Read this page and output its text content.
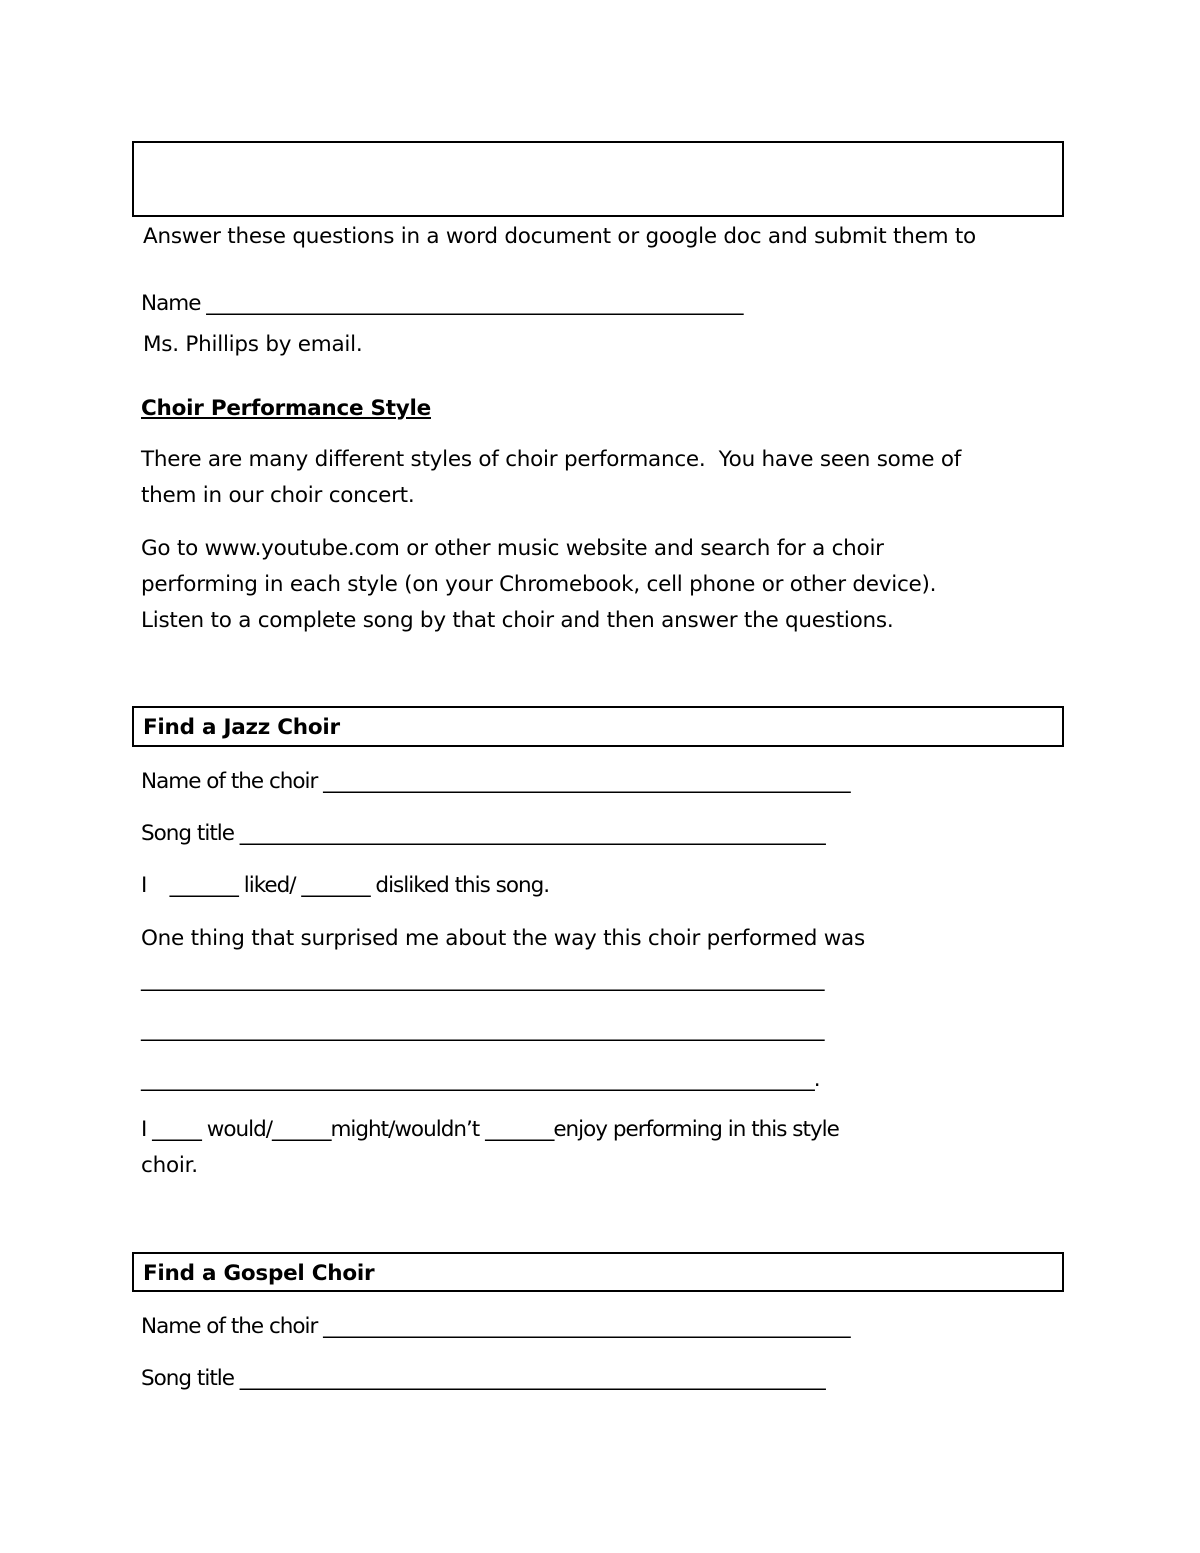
Answer these questions in a word document or google doc and submit them to

Ms. Phillips by email.

Name _______________________________________________________

Choir Performance Style

There are many different styles of choir performance.  You have seen some of

them in our choir concert.

Go to www.youtube.com or other music website and search for a choir

performing in each style (on your Chromebook, cell phone or other device).

Listen to a complete song by that choir and then answer the questions.

Find a Jazz Choir

Name of the choir ______________________________________________________

Song title ____________________________________________________________

I    _______ liked/ _______ disliked this song.

One thing that surprised me about the way this choir performed was

______________________________________________________________________

______________________________________________________________________

_____________________________________________________________________.

I _____ would/______might/wouldn’t _______enjoy performing in this style

choir.

Find a Gospel Choir

Name of the choir ______________________________________________________

Song title ____________________________________________________________
